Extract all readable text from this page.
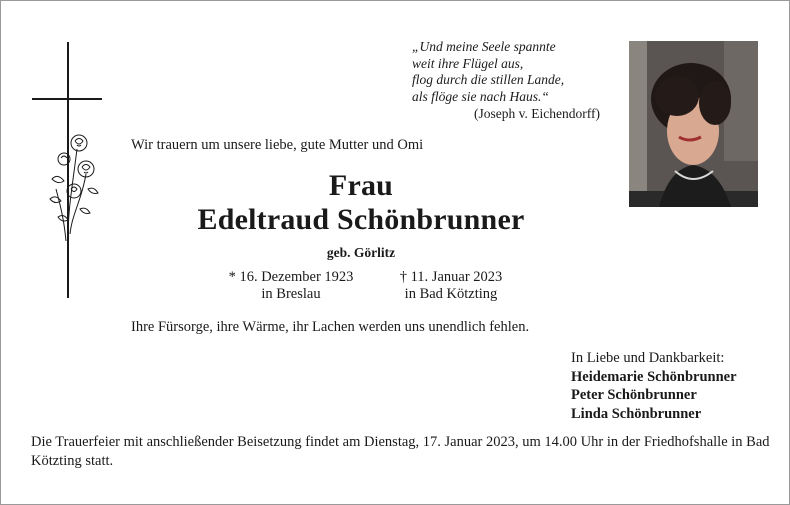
„Und meine Seele spannte
weit ihre Flügel aus,
flog durch die stillen Lande,
als flöge sie nach Haus.“
(Joseph v. Eichendorff)
Wir trauern um unsere liebe, gute Mutter und Omi
Frau
Edeltraud Schönbrunner
geb. Görlitz
* 16. Dezember 1923
in Breslau
† 11. Januar 2023
in Bad Kötzting
Ihre Fürsorge, ihre Wärme, ihr Lachen werden uns unendlich fehlen.
In Liebe und Dankbarkeit:
Heidemarie Schönbrunner
Peter Schönbrunner
Linda Schönbrunner
Die Trauerfeier mit anschließender Beisetzung findet am Dienstag, 17. Januar 2023, um 14.00 Uhr in der Friedhofshalle in Bad Kötzting statt.
